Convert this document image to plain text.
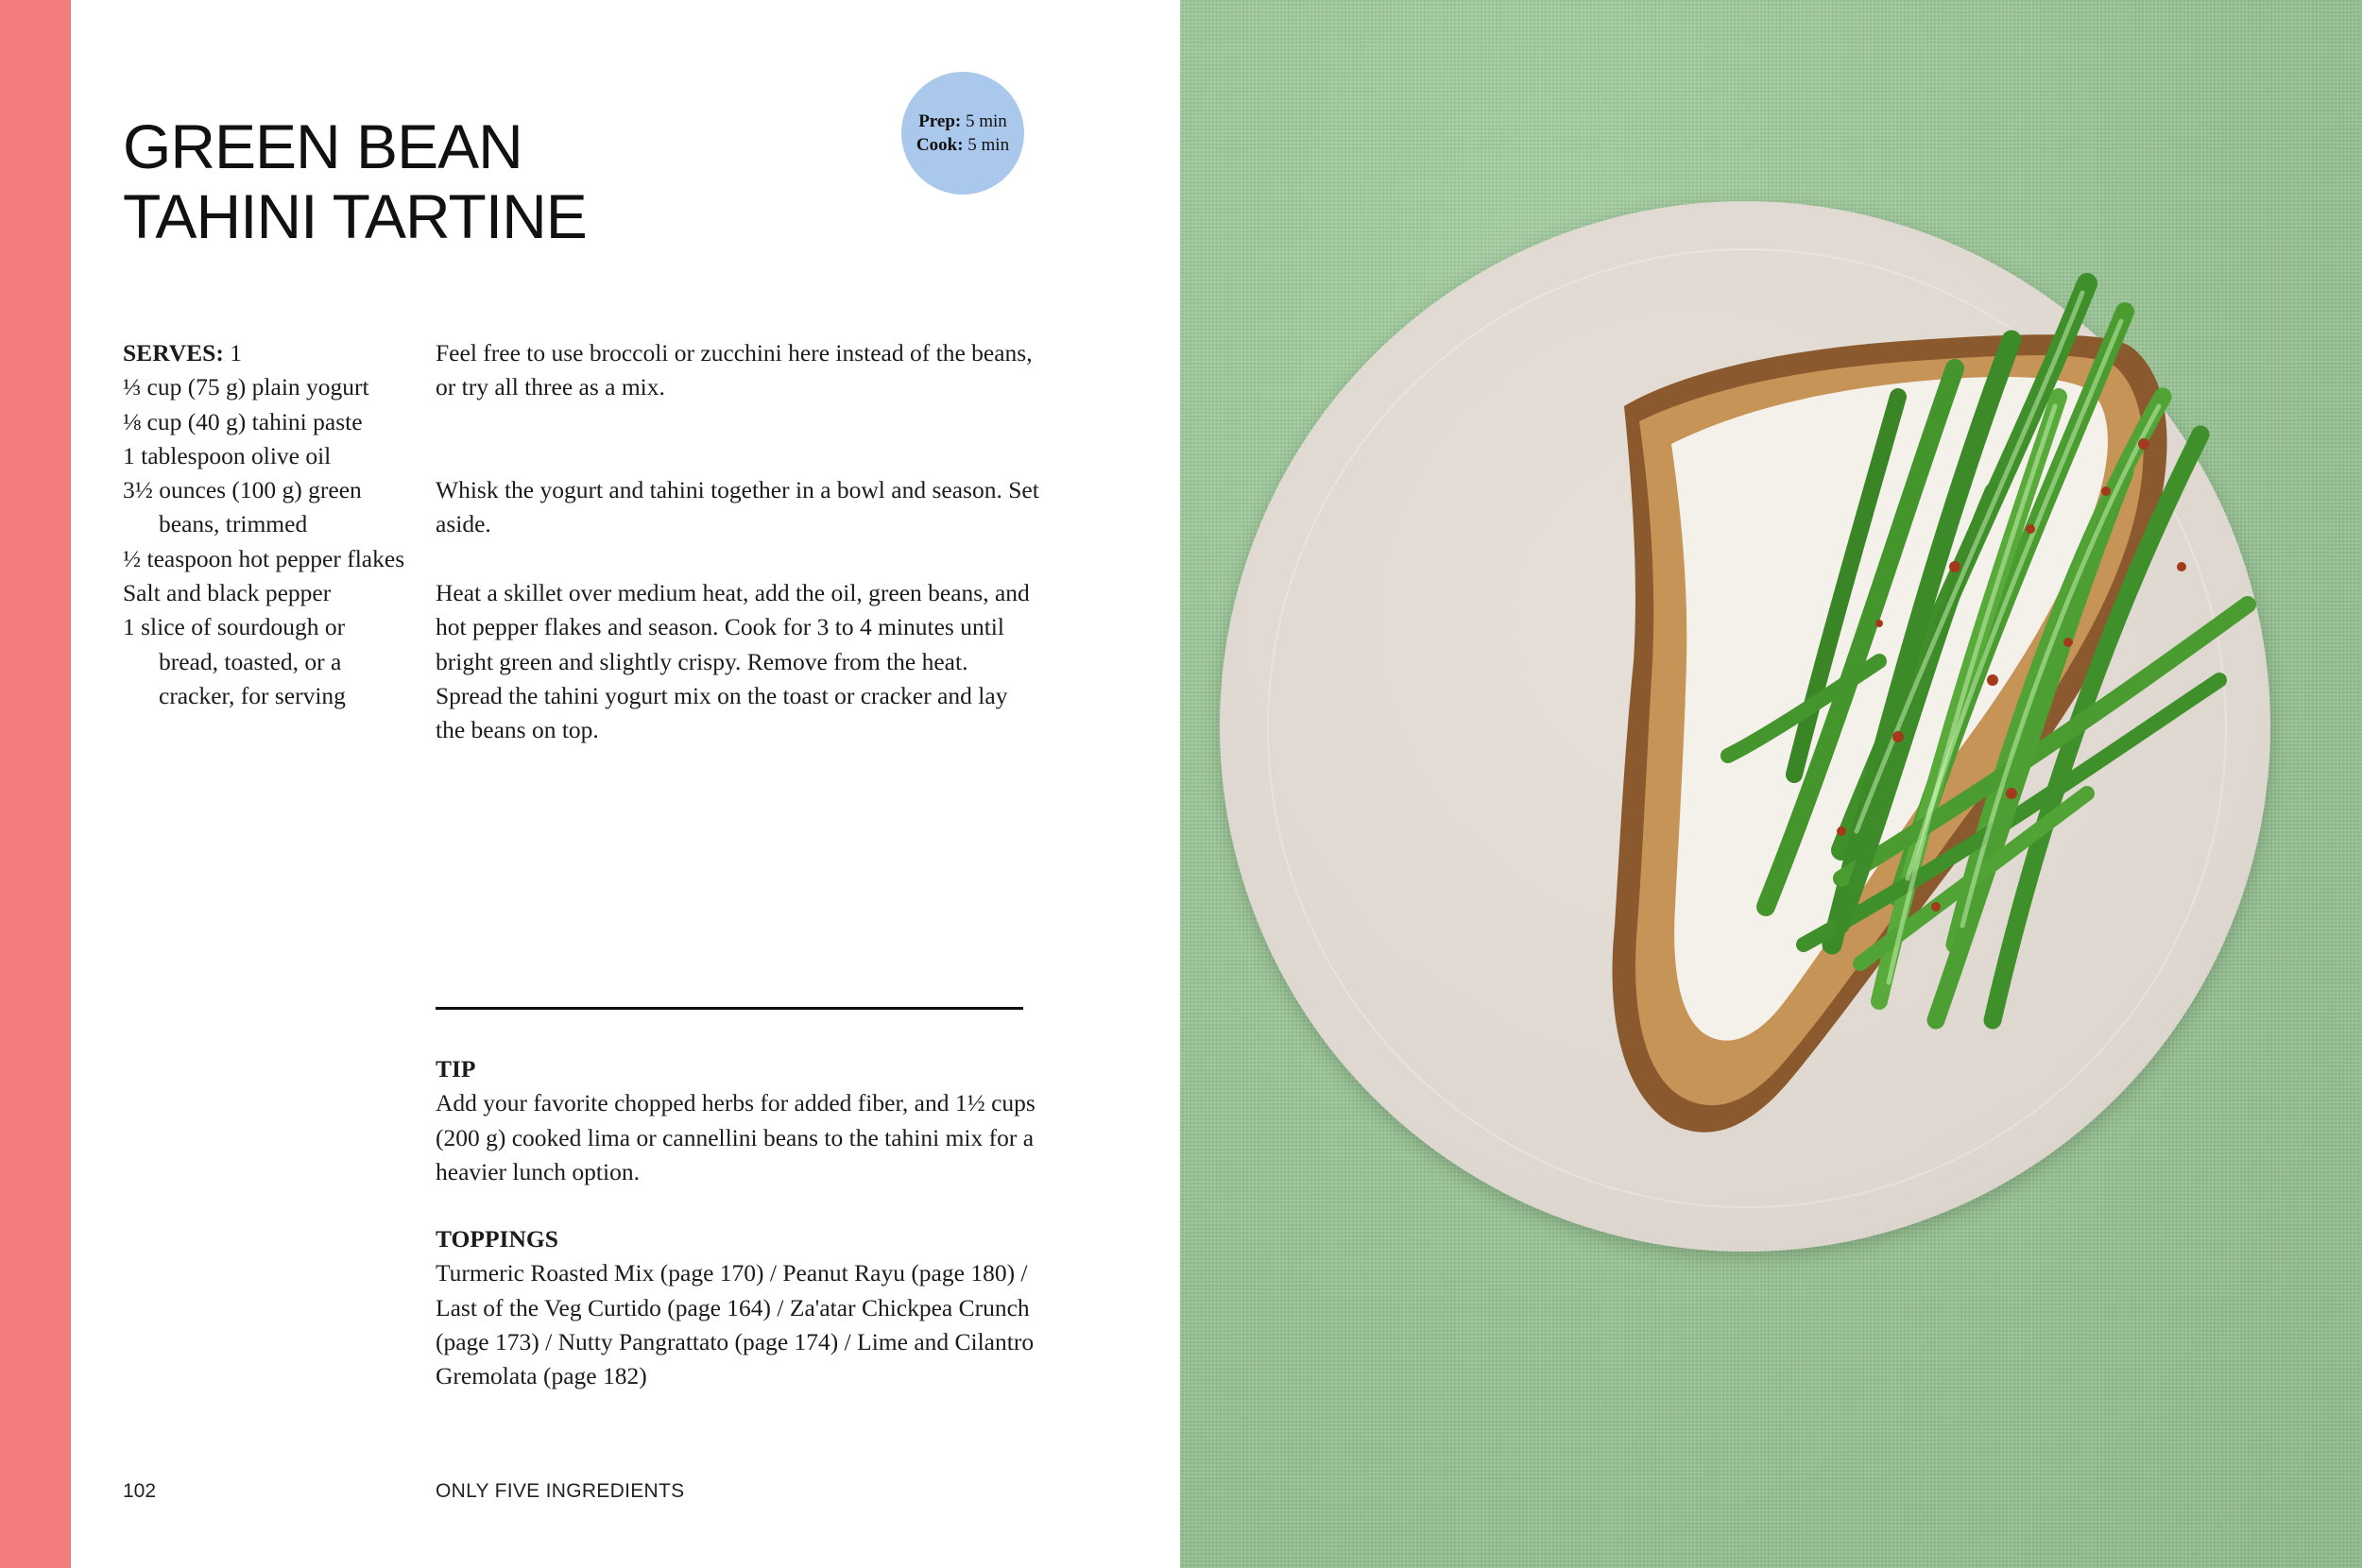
GREEN BEAN
TAHINI TARTINE
Prep: 5 min
Cook: 5 min

SERVES: 1

⅓ cup (75 g) plain yogurt

⅛ cup (40 g) tahini paste

1 tablespoon olive oil

3½ ounces (100 g) green beans, trimmed

½ teaspoon hot pepper flakes

Salt and black pepper

1 slice of sourdough or bread, toasted, or a cracker, for serving

Feel free to use broccoli or zucchini here instead of the beans, or try all three as a mix.

Whisk the yogurt and tahini together in a bowl and season. Set aside.

Heat a skillet over medium heat, add the oil, green beans, and hot pepper flakes and season. Cook for 3 to 4 minutes until bright green and slightly crispy. Remove from the heat. Spread the tahini yogurt mix on the toast or cracker and lay the beans on top.

TIP

Add your favorite chopped herbs for added fiber, and 1½ cups (200 g) cooked lima or cannellini beans to the tahini mix for a heavier lunch option.

TOPPINGS

Turmeric Roasted Mix (page 170) / Peanut Rayu (page 180) / Last of the Veg Curtido (page 164) / Za'atar Chickpea Crunch (page 173) / Nutty Pangrattato (page 174) / Lime and Cilantro Gremolata (page 182)

102	ONLY FIVE INGREDIENTS
